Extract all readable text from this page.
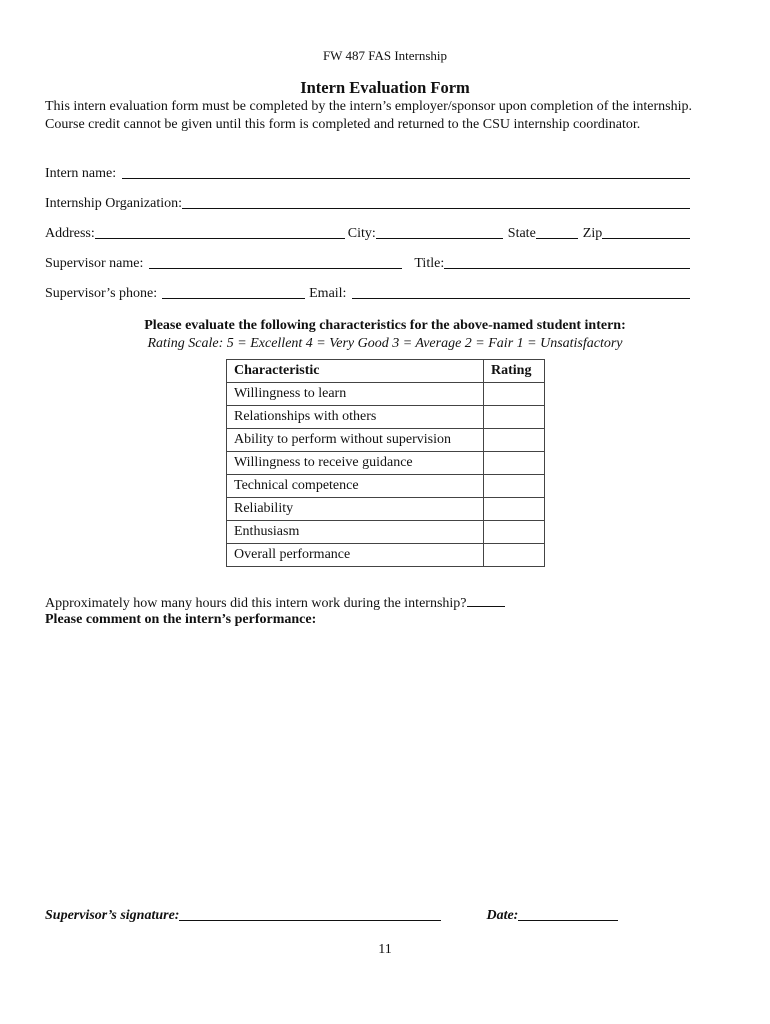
FW 487 FAS Internship
Intern Evaluation Form
This intern evaluation form must be completed by the intern’s employer/sponsor upon completion of the internship. Course credit cannot be given until this form is completed and returned to the CSU internship coordinator.
Intern name:
Internship Organization:
Address:	City:	State	Zip
Supervisor name:	Title:
Supervisor’s phone:	Email:
Please evaluate the following characteristics for the above-named student intern:
Rating Scale: 5 = Excellent 4 = Very Good 3 = Average 2 = Fair 1 = Unsatisfactory
Characteristic	Rating
Willingness to learn	
Relationships with others	
Ability to perform without supervision	
Willingness to receive guidance	
Technical competence	
Reliability	
Enthusiasm	
Overall performance	
Approximately how many hours did this intern work during the internship?
Please comment on the intern’s performance:
Supervisor’s signature:	Date:
11
